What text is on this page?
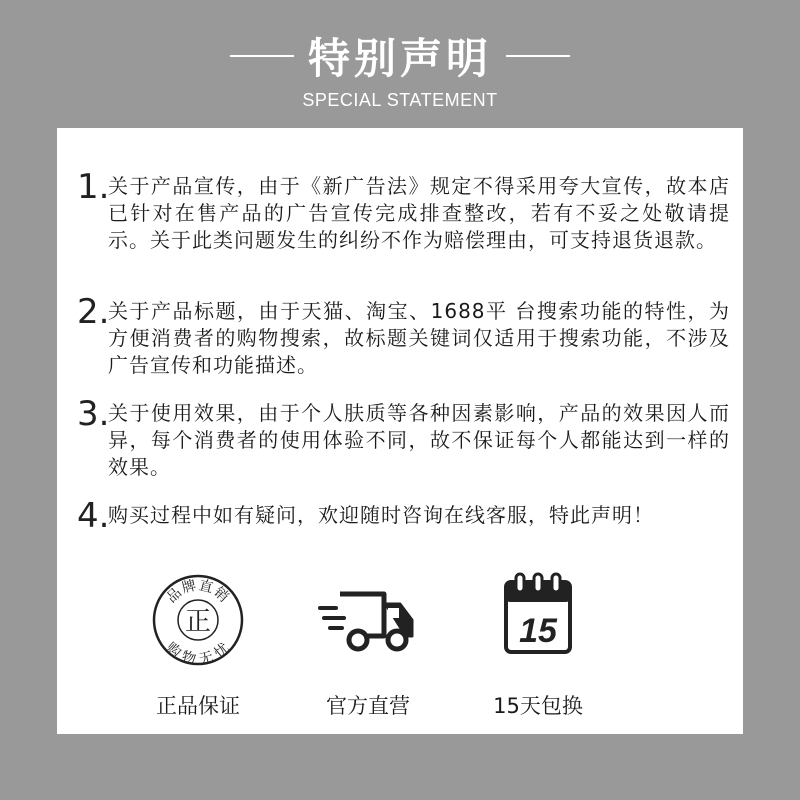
特别声明
SPECIAL STATEMENT
1.
关于产品宣传，由于《新广告法》规定不得采用夸大宣传，故本店已针对在售产品的广告宣传完成排查整改，若有不妥之处敬请提示。关于此类问题发生的纠纷不作为赔偿理由，可支持退货退款。
2.
关于产品标题，由于天猫、淘宝、1688平 台搜索功能的特性，为方便消费者的购物搜索，故标题关键词仅适用于搜索功能，不涉及广告宣传和功能描述。
3.
关于使用效果，由于个人肤质等各种因素影响，产品的效果因人而异，每个消费者的使用体验不同，故不保证每个人都能达到一样的效果。
4.
购买过程中如有疑问，欢迎随时咨询在线客服，特此声明！
品牌直销
购物无忧
正
正品保证	官方直营
15
15天包换
